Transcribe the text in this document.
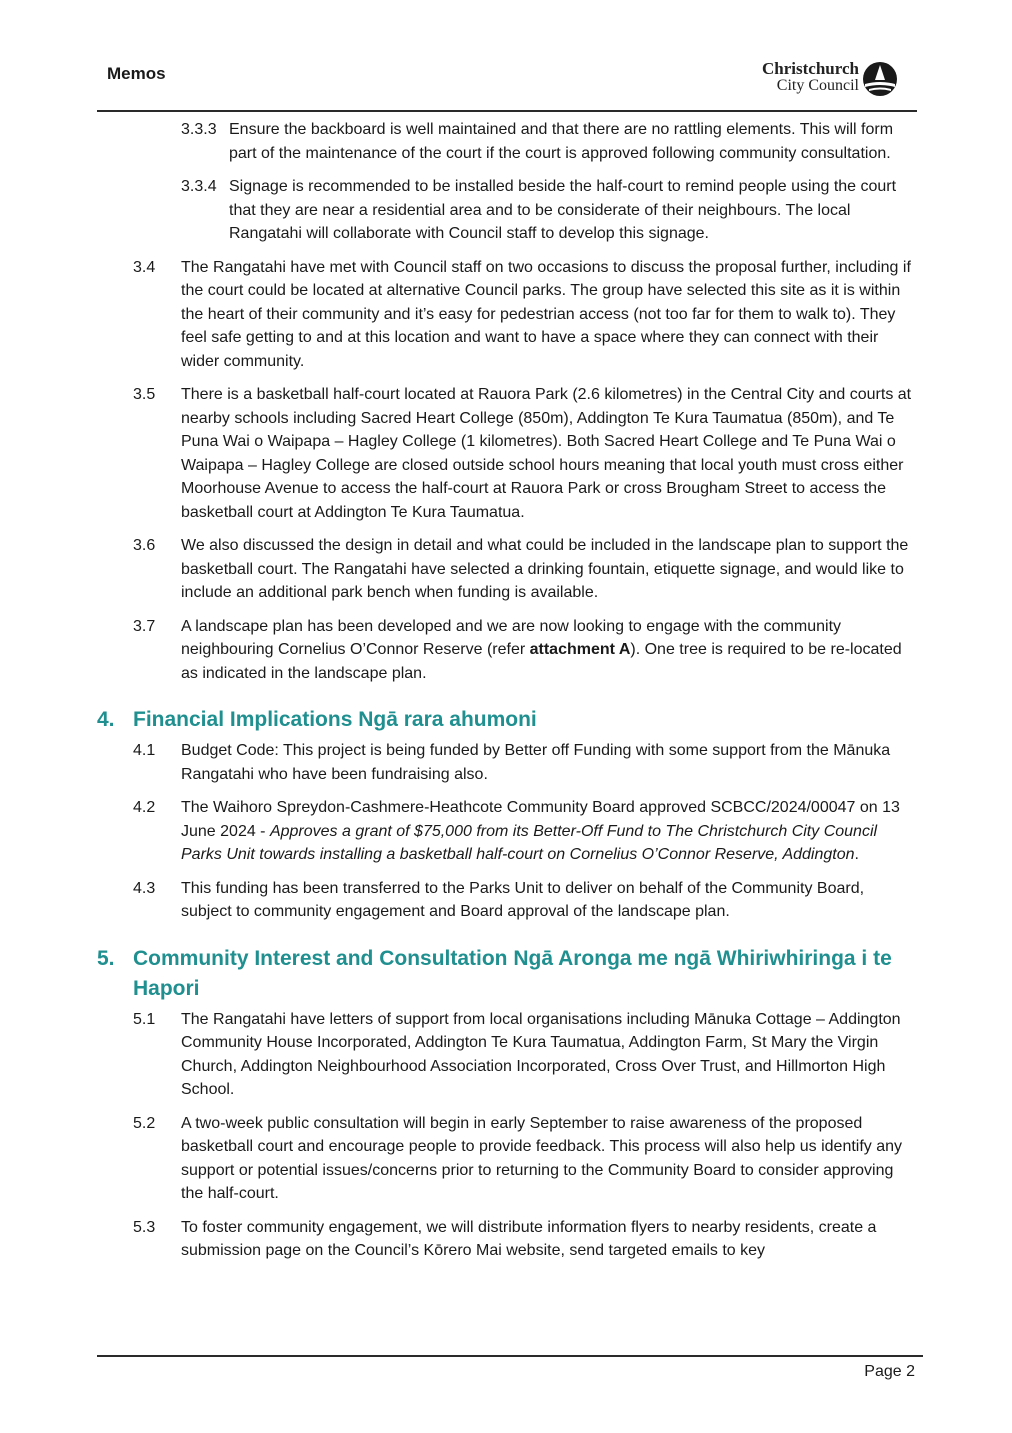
Memos	Christchurch
City Council
3.3.3 Ensure the backboard is well maintained and that there are no rattling elements. This will form part of the maintenance of the court if the court is approved following community consultation.
3.3.4 Signage is recommended to be installed beside the half-court to remind people using the court that they are near a residential area and to be considerate of their neighbours. The local Rangatahi will collaborate with Council staff to develop this signage.
3.4	The Rangatahi have met with Council staff on two occasions to discuss the proposal further, including if the court could be located at alternative Council parks. The group have selected this site as it is within the heart of their community and it’s easy for pedestrian access (not too far for them to walk to). They feel safe getting to and at this location and want to have a space where they can connect with their wider community.
3.5	There is a basketball half-court located at Rauora Park (2.6 kilometres) in the Central City and courts at nearby schools including Sacred Heart College (850m), Addington Te Kura Taumatua (850m), and Te Puna Wai o Waipapa – Hagley College (1 kilometres). Both Sacred Heart College and Te Puna Wai o Waipapa – Hagley College are closed outside school hours meaning that local youth must cross either Moorhouse Avenue to access the half-court at Rauora Park or cross Brougham Street to access the basketball court at Addington Te Kura Taumatua.
3.6	We also discussed the design in detail and what could be included in the landscape plan to support the basketball court. The Rangatahi have selected a drinking fountain, etiquette signage, and would like to include an additional park bench when funding is available.
3.7	A landscape plan has been developed and we are now looking to engage with the community neighbouring Cornelius O’Connor Reserve (refer attachment A). One tree is required to be re-located as indicated in the landscape plan.
4. Financial Implications Ngā rara ahumoni
4.1	Budget Code: This project is being funded by Better off Funding with some support from the Mānuka Rangatahi who have been fundraising also.
4.2	The Waihoro Spreydon-Cashmere-Heathcote Community Board approved SCBCC/2024/00047 on 13 June 2024 - Approves a grant of $75,000 from its Better-Off Fund to The Christchurch City Council Parks Unit towards installing a basketball half-court on Cornelius O’Connor Reserve, Addington.
4.3	This funding has been transferred to the Parks Unit to deliver on behalf of the Community Board, subject to community engagement and Board approval of the landscape plan.
5. Community Interest and Consultation Ngā Aronga me ngā Whiriwhiringa i te Hapori
5.1	The Rangatahi have letters of support from local organisations including Mānuka Cottage – Addington Community House Incorporated, Addington Te Kura Taumatua, Addington Farm, St Mary the Virgin Church, Addington Neighbourhood Association Incorporated, Cross Over Trust, and Hillmorton High School.
5.2	A two-week public consultation will begin in early September to raise awareness of the proposed basketball court and encourage people to provide feedback. This process will also help us identify any support or potential issues/concerns prior to returning to the Community Board to consider approving the half-court.
5.3	To foster community engagement, we will distribute information flyers to nearby residents, create a submission page on the Council’s Kōrero Mai website, send targeted emails to key
Page 2
